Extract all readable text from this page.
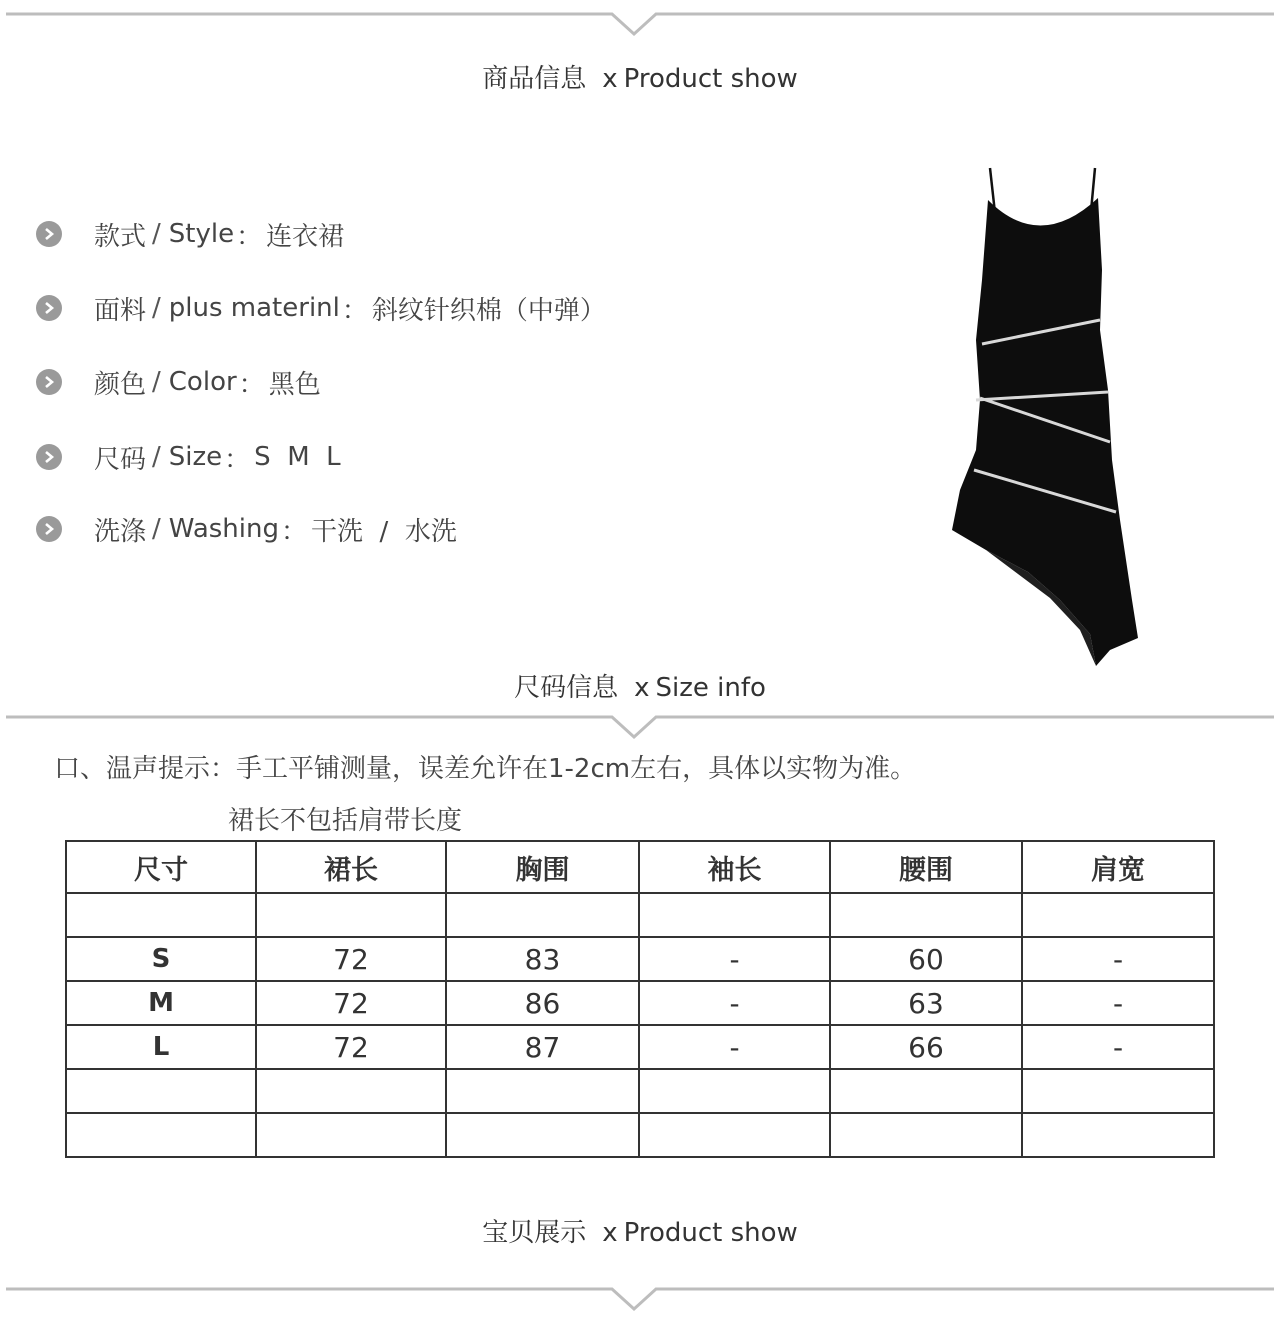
商品信息 x Product show
款式 / Style ： 连衣裙
面料 / plus materinl ： 斜纹针织棉（中弹）
颜色 / Color ： 黑色
尺码 / Size ： S  M  L
洗涤 / Washing ： 干洗  /  水洗
尺码信息 x Size info
口、温声提示：手工平铺测量，误差允许在1-2cm左右，具体以实物为准。
裙长不包括肩带长度
尺寸	裙长	胸围	袖长	腰围	肩宽

S	72	83	-	60	-
M	72	86	-	63	-
L	72	87	-	66	-

宝贝展示 x Product show
